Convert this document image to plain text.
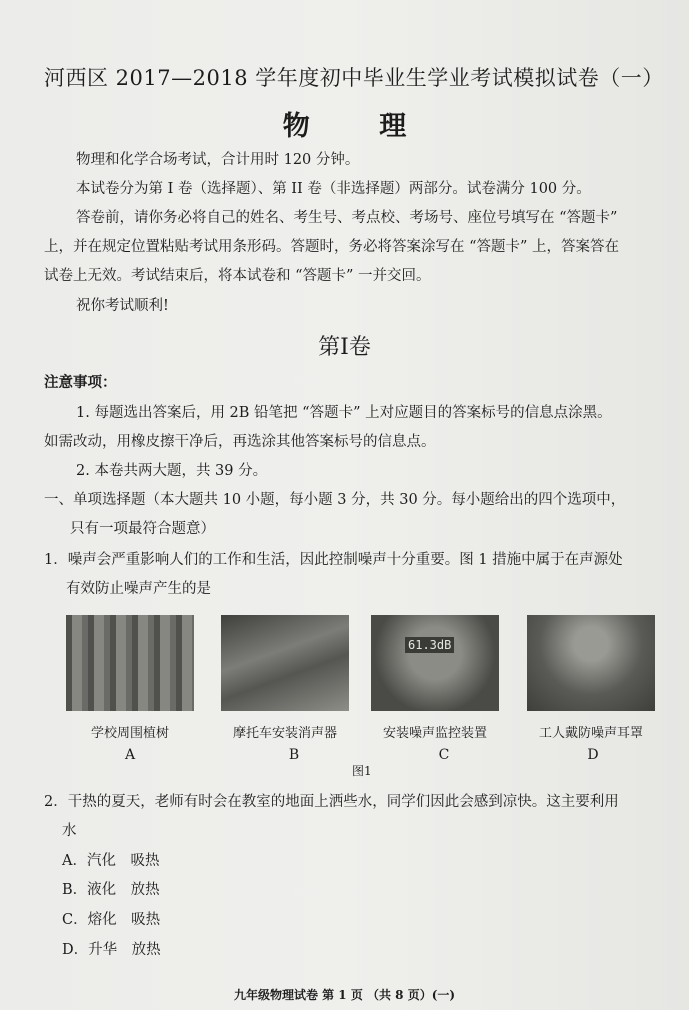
河西区 2017—2018 学年度初中毕业生学业考试模拟试卷（一）
物 理
物理和化学合场考试，合计用时 120 分钟。
本试卷分为第 I 卷（选择题）、第 II 卷（非选择题）两部分。试卷满分 100 分。
答卷前，请你务必将自己的姓名、考生号、考点校、考场号、座位号填写在 “答题卡”
上，并在规定位置粘贴考试用条形码。答题时，务必将答案涂写在 “答题卡” 上，答案答在
试卷上无效。考试结束后，将本试卷和 “答题卡” 一并交回。
祝你考试顺利!
第I卷
注意事项：
1. 每题选出答案后，用 2B 铅笔把 “答题卡” 上对应题目的答案标号的信息点涂黑。
如需改动，用橡皮擦干净后，再选涂其他答案标号的信息点。
2. 本卷共两大题，共 39 分。
一、单项选择题（本大题共 10 小题，每小题 3 分，共 30 分。每小题给出的四个选项中，
只有一项最符合题意）
1．噪声会严重影响人们的工作和生活，因此控制噪声十分重要。图 1 措施中属于在声源处
有效防止噪声产生的是
61.3dB
学校周围植树	摩托车安装消声器	安装噪声监控装置	工人戴防噪声耳罩
A	B	C	D
图1
2．干热的夏天，老师有时会在教室的地面上洒些水，同学们因此会感到凉快。这主要利用
水
A．汽化　吸热
B．液化　放热
C．熔化　吸热
D．升华　放热
九年级物理试卷 第 1 页 （共 8 页）(一)
